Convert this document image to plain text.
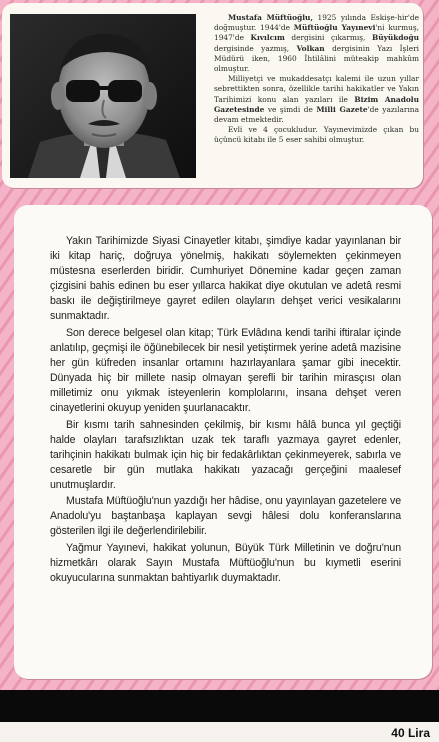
Mustafa Müftüoğlu, 1925 yılında Eskişe-hir'de doğmuştur. 1944'de Müftüoğlu Yayınevi'ni kurmuş, 1947'de Kıvılcım dergisini çıkarmış, Büyükdoğu dergisinde yazmış, Volkan dergisinin Yazı İşleri Müdürü iken, 1960 İhtilâlini müteakip mahkûm olmuştur.

Milliyetçi ve mukaddesatçı kalemi ile uzun yıllar sebrettikten sonra, özellikle tarihi hakikatler ve Yakın Tarihimizi konu alan yazıları ile Bizim Anadolu Gazetesinde ve şimdi de Milli Gazete'de yazılarına devam etmektedir.

Evli ve 4 çocukludur. Yayınevimizde çıkan bu üçüncü kitabı ile 5 eser sahibi olmuştur.

Yakın Tarihimizde Siyasi Cinayetler kitabı, şimdiye kadar yayınlanan bir iki kitap hariç, doğruya yönelmiş, hakikatı söylemekten çekinmeyen müstesna eserlerden biridir. Cumhuriyet Dönemine kadar geçen zaman çizgisini bahis edinen bu eser yıllarca hakikat diye okutulan ve adetâ resmi baskı ile değiştirilmeye gayret edilen olayların dehşet verici vesikalarını sunmaktadır.

Son derece belgesel olan kitap; Türk Evlâdına kendi tarihi iftiralar içinde anlatılıp, geçmişi ile öğünebilecek bir nesil yetiştirmek yerine adetâ mazisine her gün küfreden insanlar ortamını hazırlayanlara şamar gibi inecektir. Dünyada hiç bir millete nasip olmayan şerefli bir tarihin mirasçısı olan milletimiz onu yıkmak isteyenlerin komplolarını, insana dehşet veren cinayetlerini okuyup yeniden şuurlanacaktır.

Bir kısmı tarih sahnesinden çekilmiş, bir kısmı hâlâ bunca yıl geçtiği halde olayları tarafsızlıktan uzak tek taraflı yazmaya gayret edenler, tarihçinin hakikatı bulmak için hiç bir fedakârlıktan çekinmeyerek, sabırla ve cesaretle bir gün mutlaka hakikatı yazacağı gerçeğini maalesef unutmuşlardır.

Mustafa Müftüoğlu'nun yazdığı her hâdise, onu yayınlayan gazetelere ve Anadolu'yu baştanbaşa kaplayan sevgi hâlesi dolu konferanslarına gösterilen ilgi ile değerlendirilebilir.

Yağmur Yayınevi, hakikat yolunun, Büyük Türk Milletinin ve doğru'nun hizmetkârı olarak Sayın Mustafa Müftüoğlu'nun bu kıymetli eserini okuyucularına sunmaktan bahtiyarlık duymaktadır.

40 Lira
